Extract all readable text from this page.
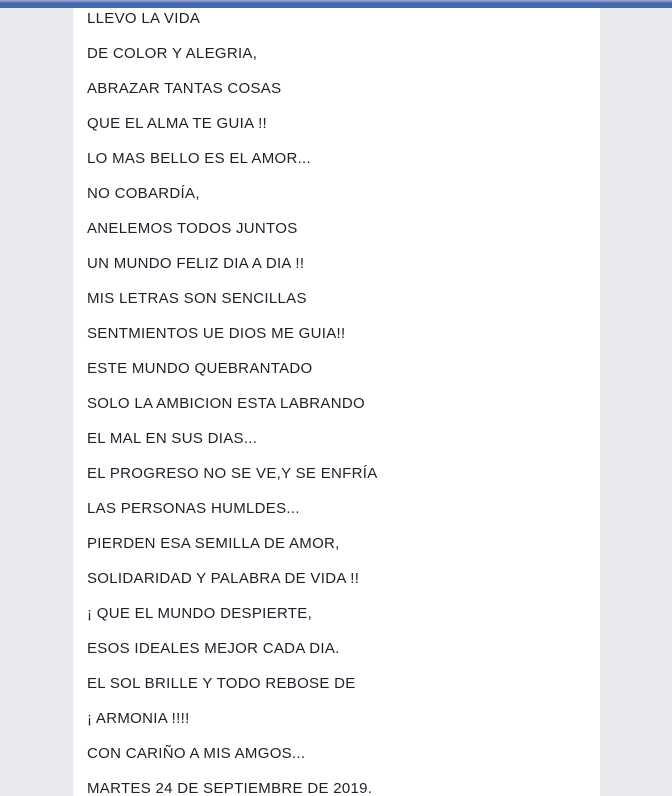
LLEVO LA VIDA
DE COLOR Y ALEGRIA,
ABRAZAR TANTAS COSAS
QUE EL ALMA TE GUIA !!
LO MAS BELLO ES EL AMOR...
NO COBARDÍA,
ANELEMOS TODOS JUNTOS
UN MUNDO FELIZ DIA A DIA !!
MIS LETRAS SON SENCILLAS
SENTMIENTOS UE DIOS ME GUIA!!
ESTE MUNDO QUEBRANTADO
SOLO LA AMBICION ESTA LABRANDO
EL MAL EN SUS DIAS...
EL PROGRESO NO SE VE,Y SE ENFRÍA
LAS PERSONAS HUMLDES...
PIERDEN ESA SEMILLA DE AMOR,
SOLIDARIDAD Y PALABRA DE VIDA !!
¡ QUE EL MUNDO DESPIERTE,
ESOS IDEALES MEJOR CADA DIA.
EL SOL BRILLE Y TODO REBOSE DE
¡ ARMONIA !!!!
CON CARIÑO A MIS AMGOS...
MARTES 24 DE SEPTIEMBRE DE 2019.
